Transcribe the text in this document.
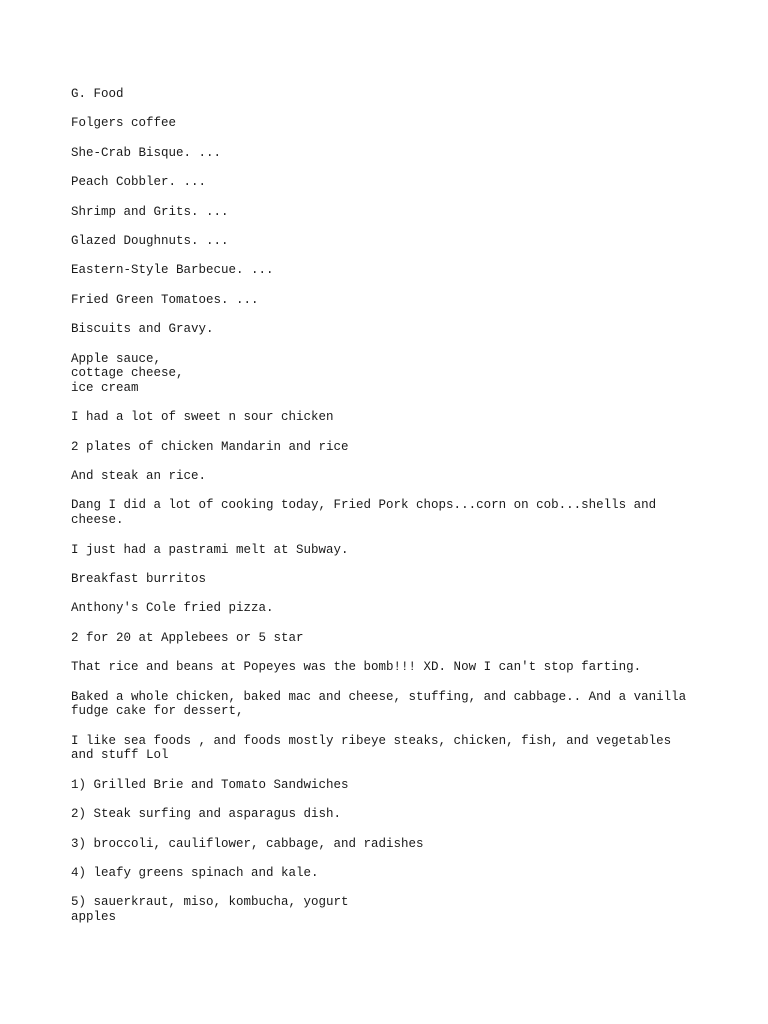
G. Food

Folgers coffee

She-Crab Bisque. ...

Peach Cobbler. ...

Shrimp and Grits. ...

Glazed Doughnuts. ...

Eastern-Style Barbecue. ...

Fried Green Tomatoes. ...

Biscuits and Gravy.

Apple sauce,
cottage cheese,
ice cream

I had a lot of sweet n sour chicken

2 plates of chicken Mandarin and rice

And steak an rice.

Dang I did a lot of cooking today, Fried Pork chops...corn on cob...shells and
cheese.

I just had a pastrami melt at Subway.

Breakfast burritos

Anthony's Cole fried pizza.

2 for 20 at Applebees or 5 star

That rice and beans at Popeyes was the bomb!!! XD. Now I can't stop farting.

Baked a whole chicken, baked mac and cheese, stuffing, and cabbage.. And a vanilla
fudge cake for dessert,

I like sea foods , and foods mostly ribeye steaks, chicken, fish, and vegetables
and stuff Lol

1) Grilled Brie and Tomato Sandwiches

2) Steak surfing and asparagus dish.

3) broccoli, cauliflower, cabbage, and radishes

4) leafy greens spinach and kale.

5) sauerkraut, miso, kombucha, yogurt
apples
